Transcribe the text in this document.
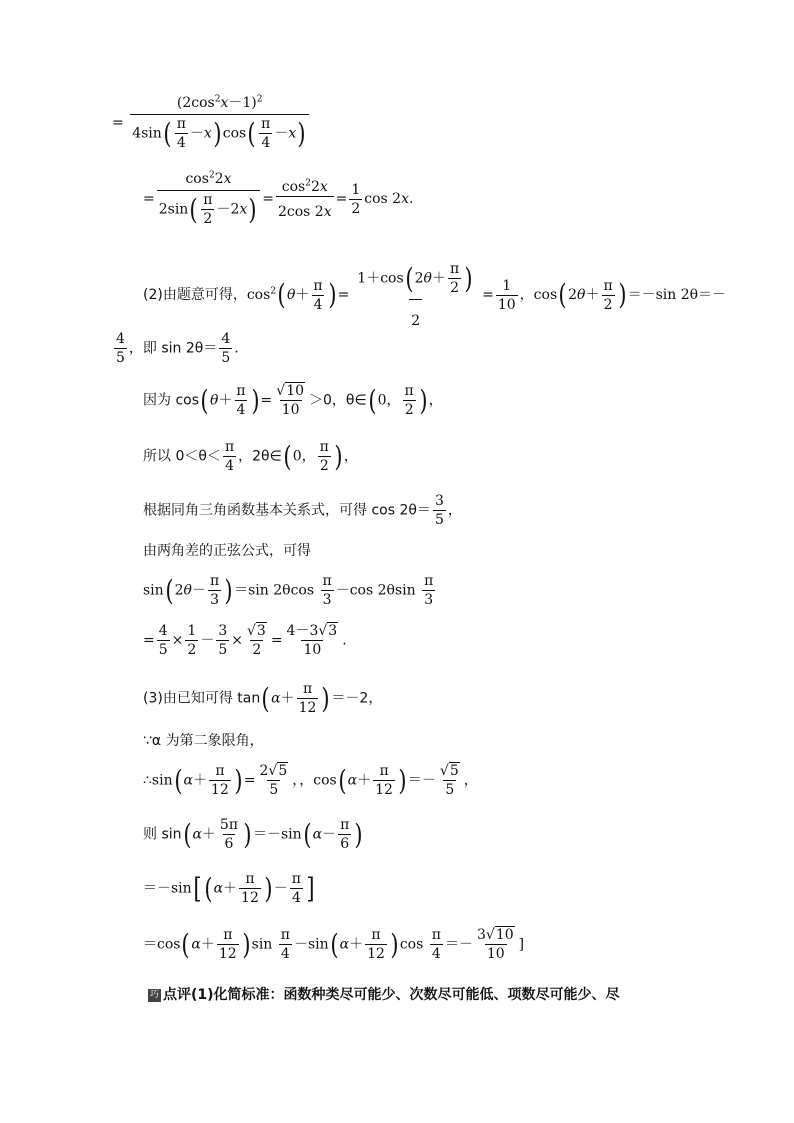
= $\frac{(2\cos^2x-1)^2}{4\sin( \frac{\pi}{4} -x)\cos( \frac{\pi}{4} -x)}$
= $\frac{\cos^22x}{2\sin( \frac{\pi}{2} -2x)} = \frac{\cos^22x}{2\cos 2x} = \frac{1}{2}$ cos 2x.
(2)由题意可得，$\cos^2(\theta+ \frac{\pi}{4}$ )= $\frac{1+\cos(2\theta+ \frac{\pi}{2} )}{2} = \frac{1}{10}$ ，$\cos(2\theta+ \frac{\pi}{2} )=-\sin$ 2θ＝－
$\frac{4}{5}$ ，即 $\sin 2\theta= \frac{4}{5}$ .
因为 $\cos(\theta+ \frac{\pi}{4}$ )= $\frac{√10}{10} >0$，θ∈(0， $\frac{\pi}{2}$ )，
所以 $0<\theta< \frac{\pi}{4}$ ，2θ∈(0， $\frac{\pi}{2}$ )，
根据同角三角函数基本关系式，可得 $\cos 2\theta= \frac{3}{5}$ ，
由两角差的正弦公式，可得
$\sin(2\theta- \frac{\pi}{3} )=\sin$ $2\theta\cos \frac{\pi}{3} -\cos$ $2\theta\sin \frac{\pi}{3}$
= $\frac{4}{5} \times \frac{1}{2} - \frac{3}{5} \times \frac{√3}{2} = \frac{4-3√3}{10}$ .
(3)由已知可得 $\tan(\alpha+ \frac{\pi}{12} )=-2$，
∵α 为第二象限角，
∴sin(α＋ $\frac{\pi}{12}$ )= $\frac{2√5}{5}$ ，，$\cos(\alpha+ \frac{\pi}{12}$ )＝－ $\frac{√5}{5}$ ，
则 $\sin(\alpha+ \frac{5\pi}{6} )=-\sin(\alpha- \frac{\pi}{6}$ )
$=-\sin[(\alpha+ \frac{\pi}{12}$ )－ $\frac{\pi}{4}$ ]
$=\cos(\alpha+ \frac{\pi}{12} )\sin \frac{\pi}{4} -\sin(\alpha+ \frac{\pi}{12} )\cos \frac{\pi}{4} =- \frac{3√10}{10}$ ]
巧 点评(1)化简标准：函数种类尽可能少、次数尽可能低、项数尽可能少、尽
